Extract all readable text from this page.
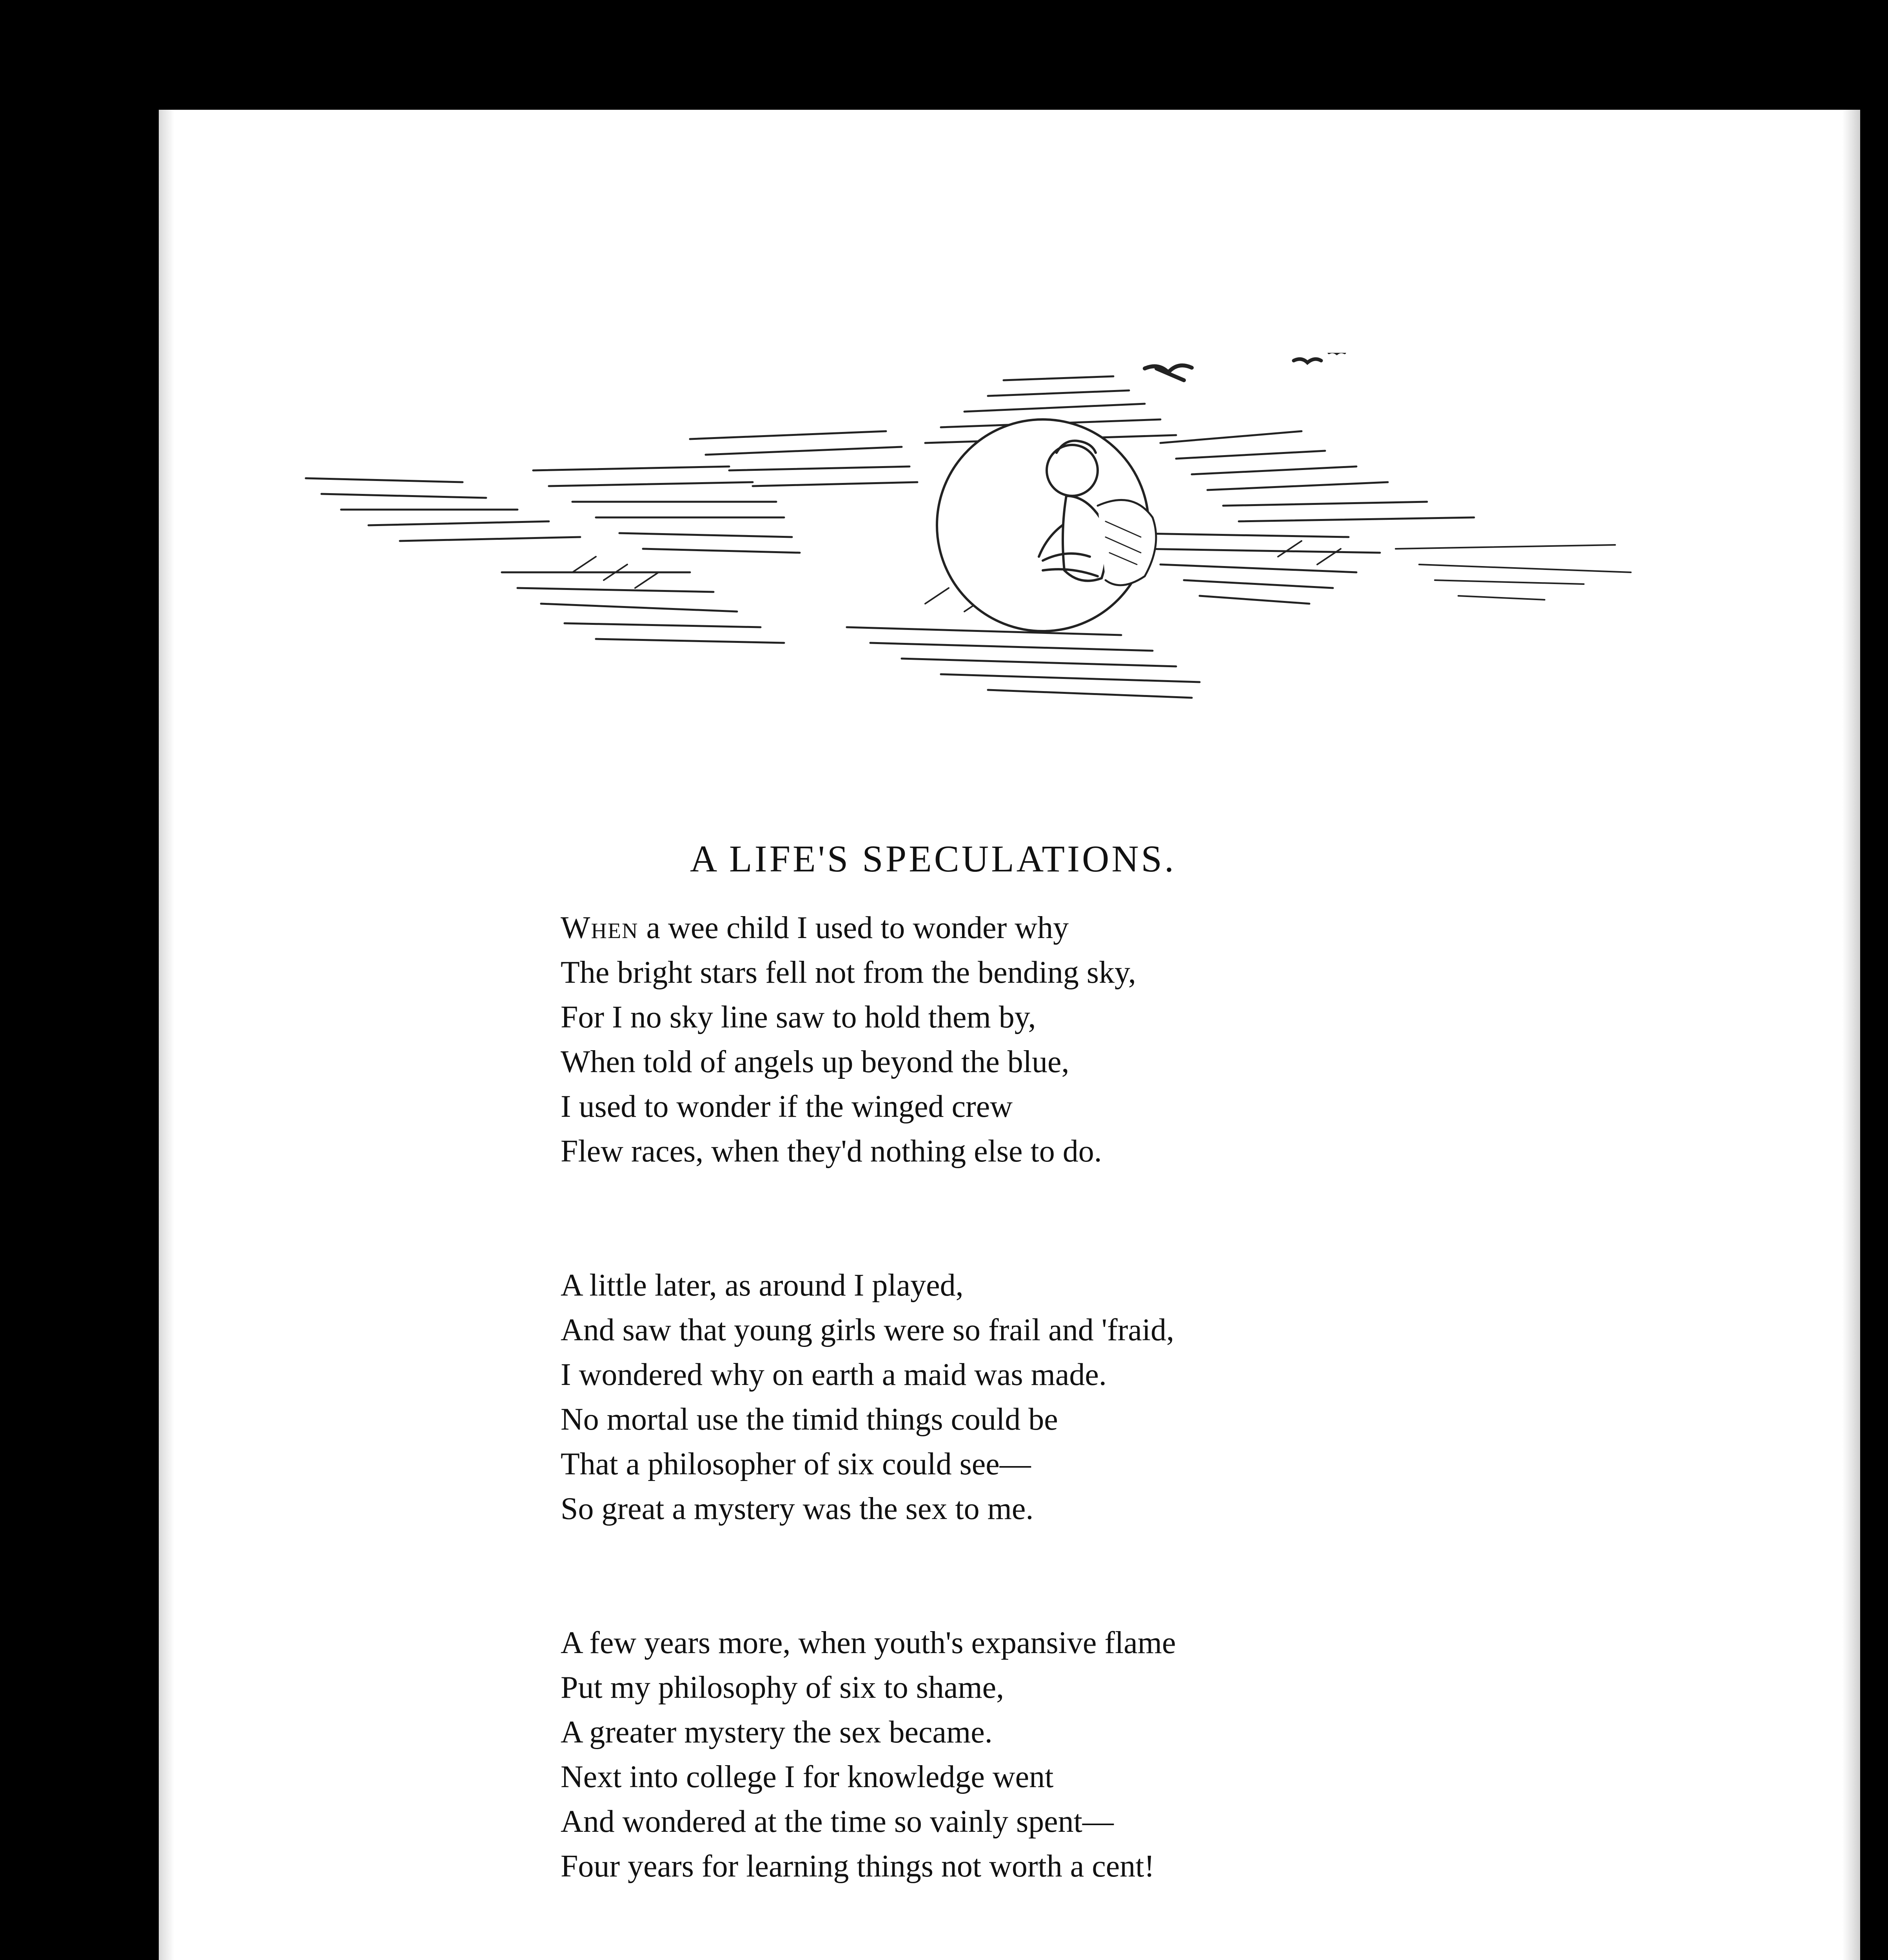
A LIFE'S SPECULATIONS.
When a wee child I used to wonder why
The bright stars fell not from the bending sky,
For I no sky line saw to hold them by,
When told of angels up beyond the blue,
I used to wonder if the winged crew
Flew races, when they'd nothing else to do.
A little later, as around I played,
And saw that young girls were so frail and 'fraid,
I wondered why on earth a maid was made.
No mortal use the timid things could be
That a philosopher of six could see—
So great a mystery was the sex to me.
A few years more, when youth's expansive flame
Put my philosophy of six to shame,
A greater mystery the sex became.
Next into college I for knowledge went
And wondered at the time so vainly spent—
Four years for learning things not worth a cent!
